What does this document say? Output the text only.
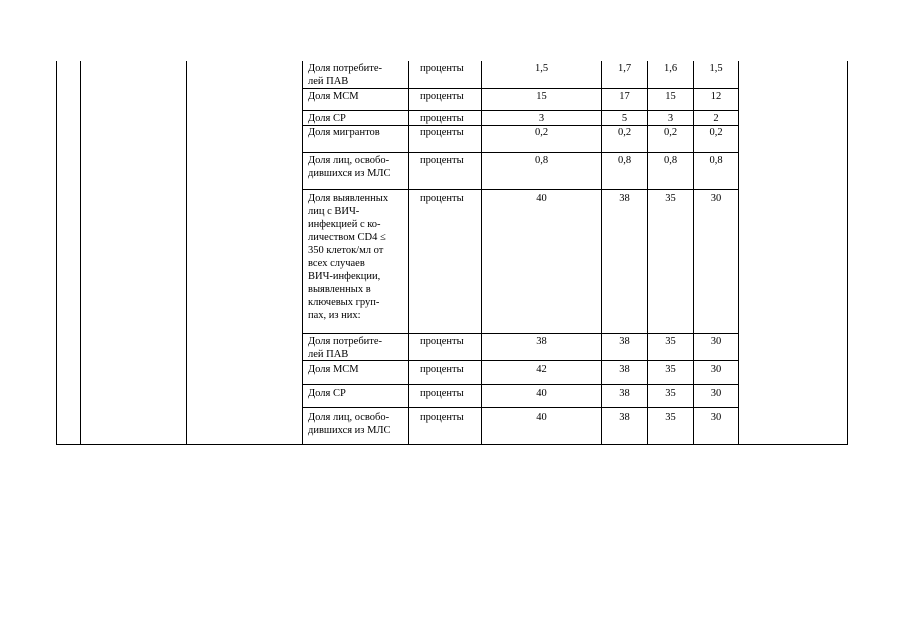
Доля потребите-
лей ПАВ
проценты	1,5	1,7	1,6	1,5
Доля МСМ	проценты	15	17	15	12
Доля СР	проценты	3	5	3	2
Доля мигрантов	проценты	0,2	0,2	0,2	0,2
Доля лиц, освобо-
дившихся из МЛС
проценты	0,8	0,8	0,8	0,8
Доля выявленных
лиц с ВИЧ-
инфекцией с ко-
личеством CD4 ≤
350 клеток/мл от
всех случаев
ВИЧ-инфекции,
выявленных в
ключевых груп-
пах, из них:
проценты	40	38	35	30
Доля потребите-
лей ПАВ
проценты	38	38	35	30
Доля МСМ	проценты	42	38	35	30
Доля СР	проценты	40	38	35	30
Доля лиц, освобо-
дившихся из МЛС
проценты	40	38	35	30
